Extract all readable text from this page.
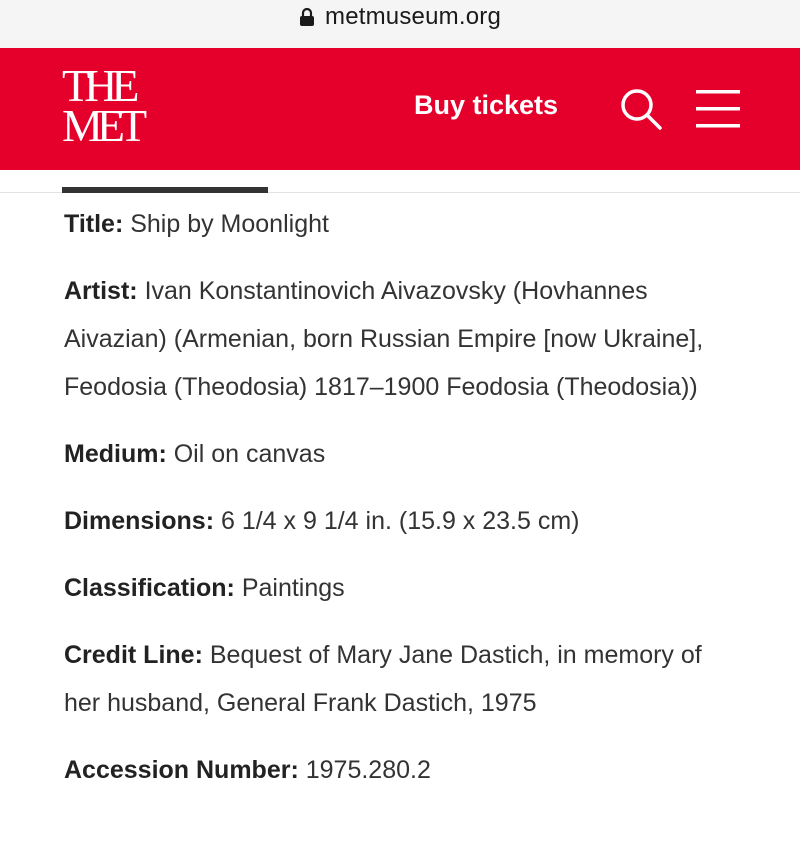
metmuseum.org
THE
MET	Buy tickets
Title: Ship by Moonlight
Artist: Ivan Konstantinovich Aivazovsky (Hovhannes Aivazian) (Armenian, born Russian Empire [now Ukraine], Feodosia (Theodosia) 1817–1900 Feodosia (Theodosia))
Medium: Oil on canvas
Dimensions: 6 1/4 x 9 1/4 in. (15.9 x 23.5 cm)
Classification: Paintings
Credit Line: Bequest of Mary Jane Dastich, in memory of her husband, General Frank Dastich, 1975
Accession Number: 1975.280.2
